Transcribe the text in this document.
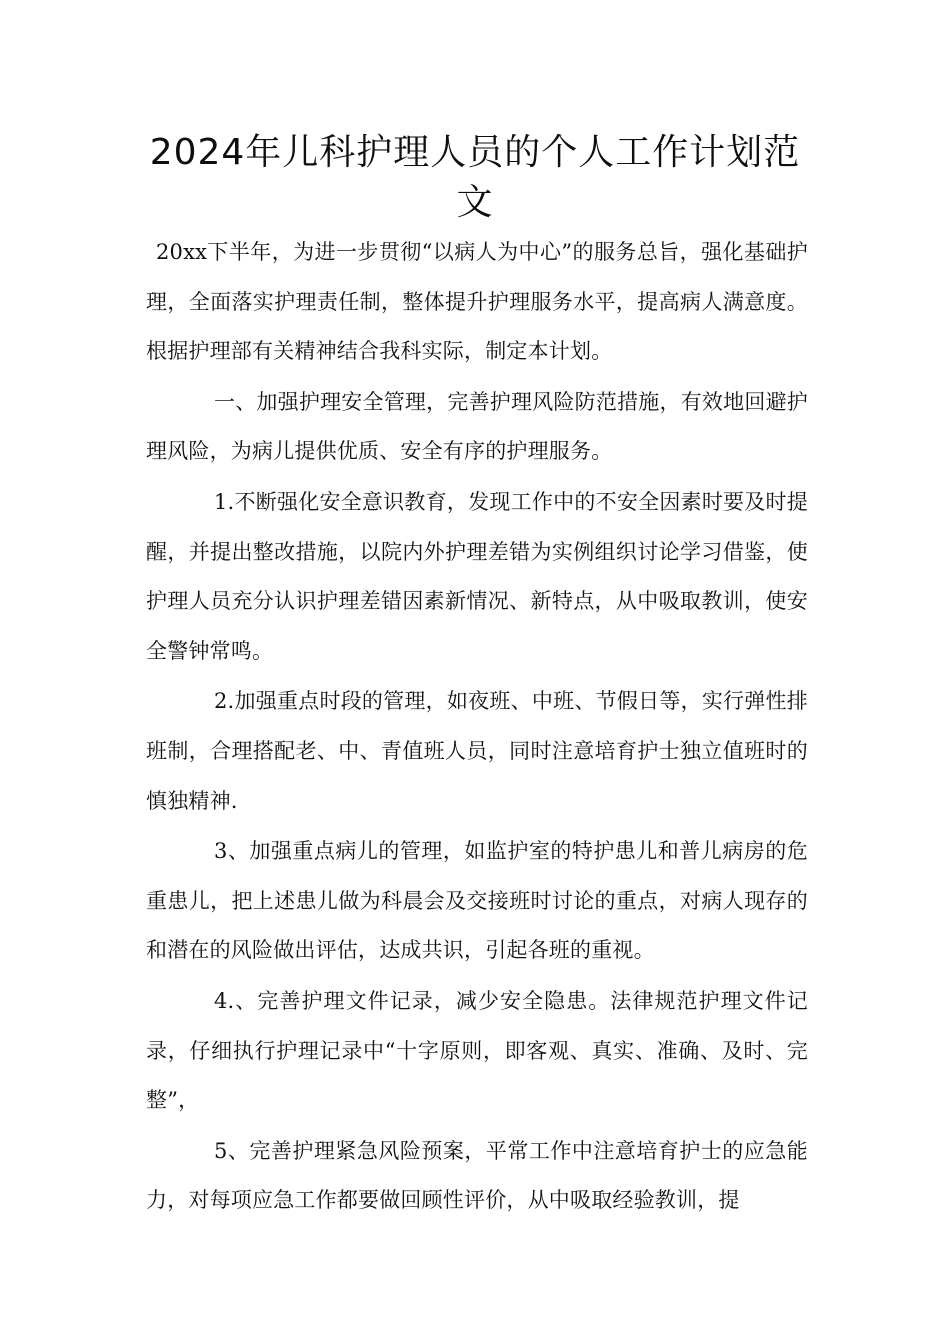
2024年儿科护理人员的个人工作计划范文

20xx下半年，为进一步贯彻“以病人为中心”的服务总旨，强化基础护理，全面落实护理责任制，整体提升护理服务水平，提高病人满意度。根据护理部有关精神结合我科实际，制定本计划。

一、加强护理安全管理，完善护理风险防范措施，有效地回避护理风险，为病儿提供优质、安全有序的护理服务。

1.不断强化安全意识教育，发现工作中的不安全因素时要及时提醒，并提出整改措施，以院内外护理差错为实例组织讨论学习借鉴，使护理人员充分认识护理差错因素新情况、新特点，从中吸取教训，使安全警钟常鸣。

2.加强重点时段的管理，如夜班、中班、节假日等，实行弹性排班制，合理搭配老、中、青值班人员，同时注意培育护士独立值班时的慎独精神.

3、加强重点病儿的管理，如监护室的特护患儿和普儿病房的危重患儿，把上述患儿做为科晨会及交接班时讨论的重点，对病人现存的和潜在的风险做出评估，达成共识，引起各班的重视。

4.、完善护理文件记录，减少安全隐患。法律规范护理文件记录，仔细执行护理记录中“十字原则，即客观、真实、准确、及时、完整”，

5、完善护理紧急风险预案，平常工作中注意培育护士的应急能力，对每项应急工作都要做回顾性评价，从中吸取经验教训，提
